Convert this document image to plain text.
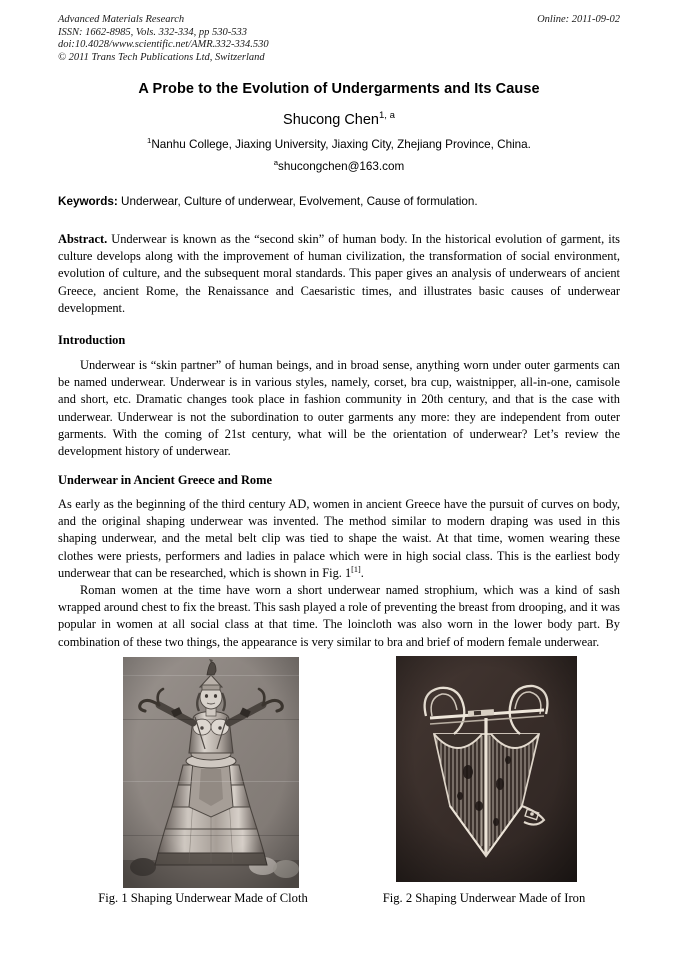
Advanced Materials Research
ISSN: 1662-8985, Vols. 332-334, pp 530-533
doi:10.4028/www.scientific.net/AMR.332-334.530
© 2011 Trans Tech Publications Ltd, Switzerland
Online: 2011-09-02
A Probe to the Evolution of Undergarments and Its Cause
Shucong Chen$^{1, a}$
$^1$Nanhu College, Jiaxing University, Jiaxing City, Zhejiang Province, China.
$^a$shucongchen@163.com
Keywords: Underwear, Culture of underwear, Evolvement, Cause of formulation.
Abstract. Underwear is known as the “second skin” of human body. In the historical evolution of garment, its culture develops along with the improvement of human civilization, the transformation of social environment, evolution of culture, and the subsequent moral standards. This paper gives an analysis of underwears of ancient Greece, ancient Rome, the Renaissance and Caesaristic times, and illustrates basic causes of underwear development.
Introduction
Underwear is “skin partner” of human beings, and in broad sense, anything worn under outer garments can be named underwear. Underwear is in various styles, namely, corset, bra cup, waistnipper, all-in-one, camisole and short, etc. Dramatic changes took place in fashion community in 20th century, and that is the case with underwear. Underwear is not the subordination to outer garments any more: they are independent from outer garments. With the coming of 21st century, what will be the orientation of underwear? Let’s review the development history of underwear.
Underwear in Ancient Greece and Rome
As early as the beginning of the third century AD, women in ancient Greece have the pursuit of curves on body, and the original shaping underwear was invented. The method similar to modern draping was used in this shaping underwear, and the metal belt clip was tied to shape the waist. At that time, women wearing these clothes were priests, performers and ladies in palace which were in high social class. This is the earliest body underwear that can be researched, which is shown in Fig. 1[1].
Roman women at the time have worn a short underwear named strophium, which was a kind of sash wrapped around chest to fix the breast. This sash played a role of preventing the breast from drooping, and it was popular in women at all social class at that time. The loincloth was also worn in the lower body part. By combination of these two things, the appearance is very similar to bra and brief of modern female underwear.
Fig. 1 Shaping Underwear Made of Cloth	Fig. 2 Shaping Underwear Made of Iron
